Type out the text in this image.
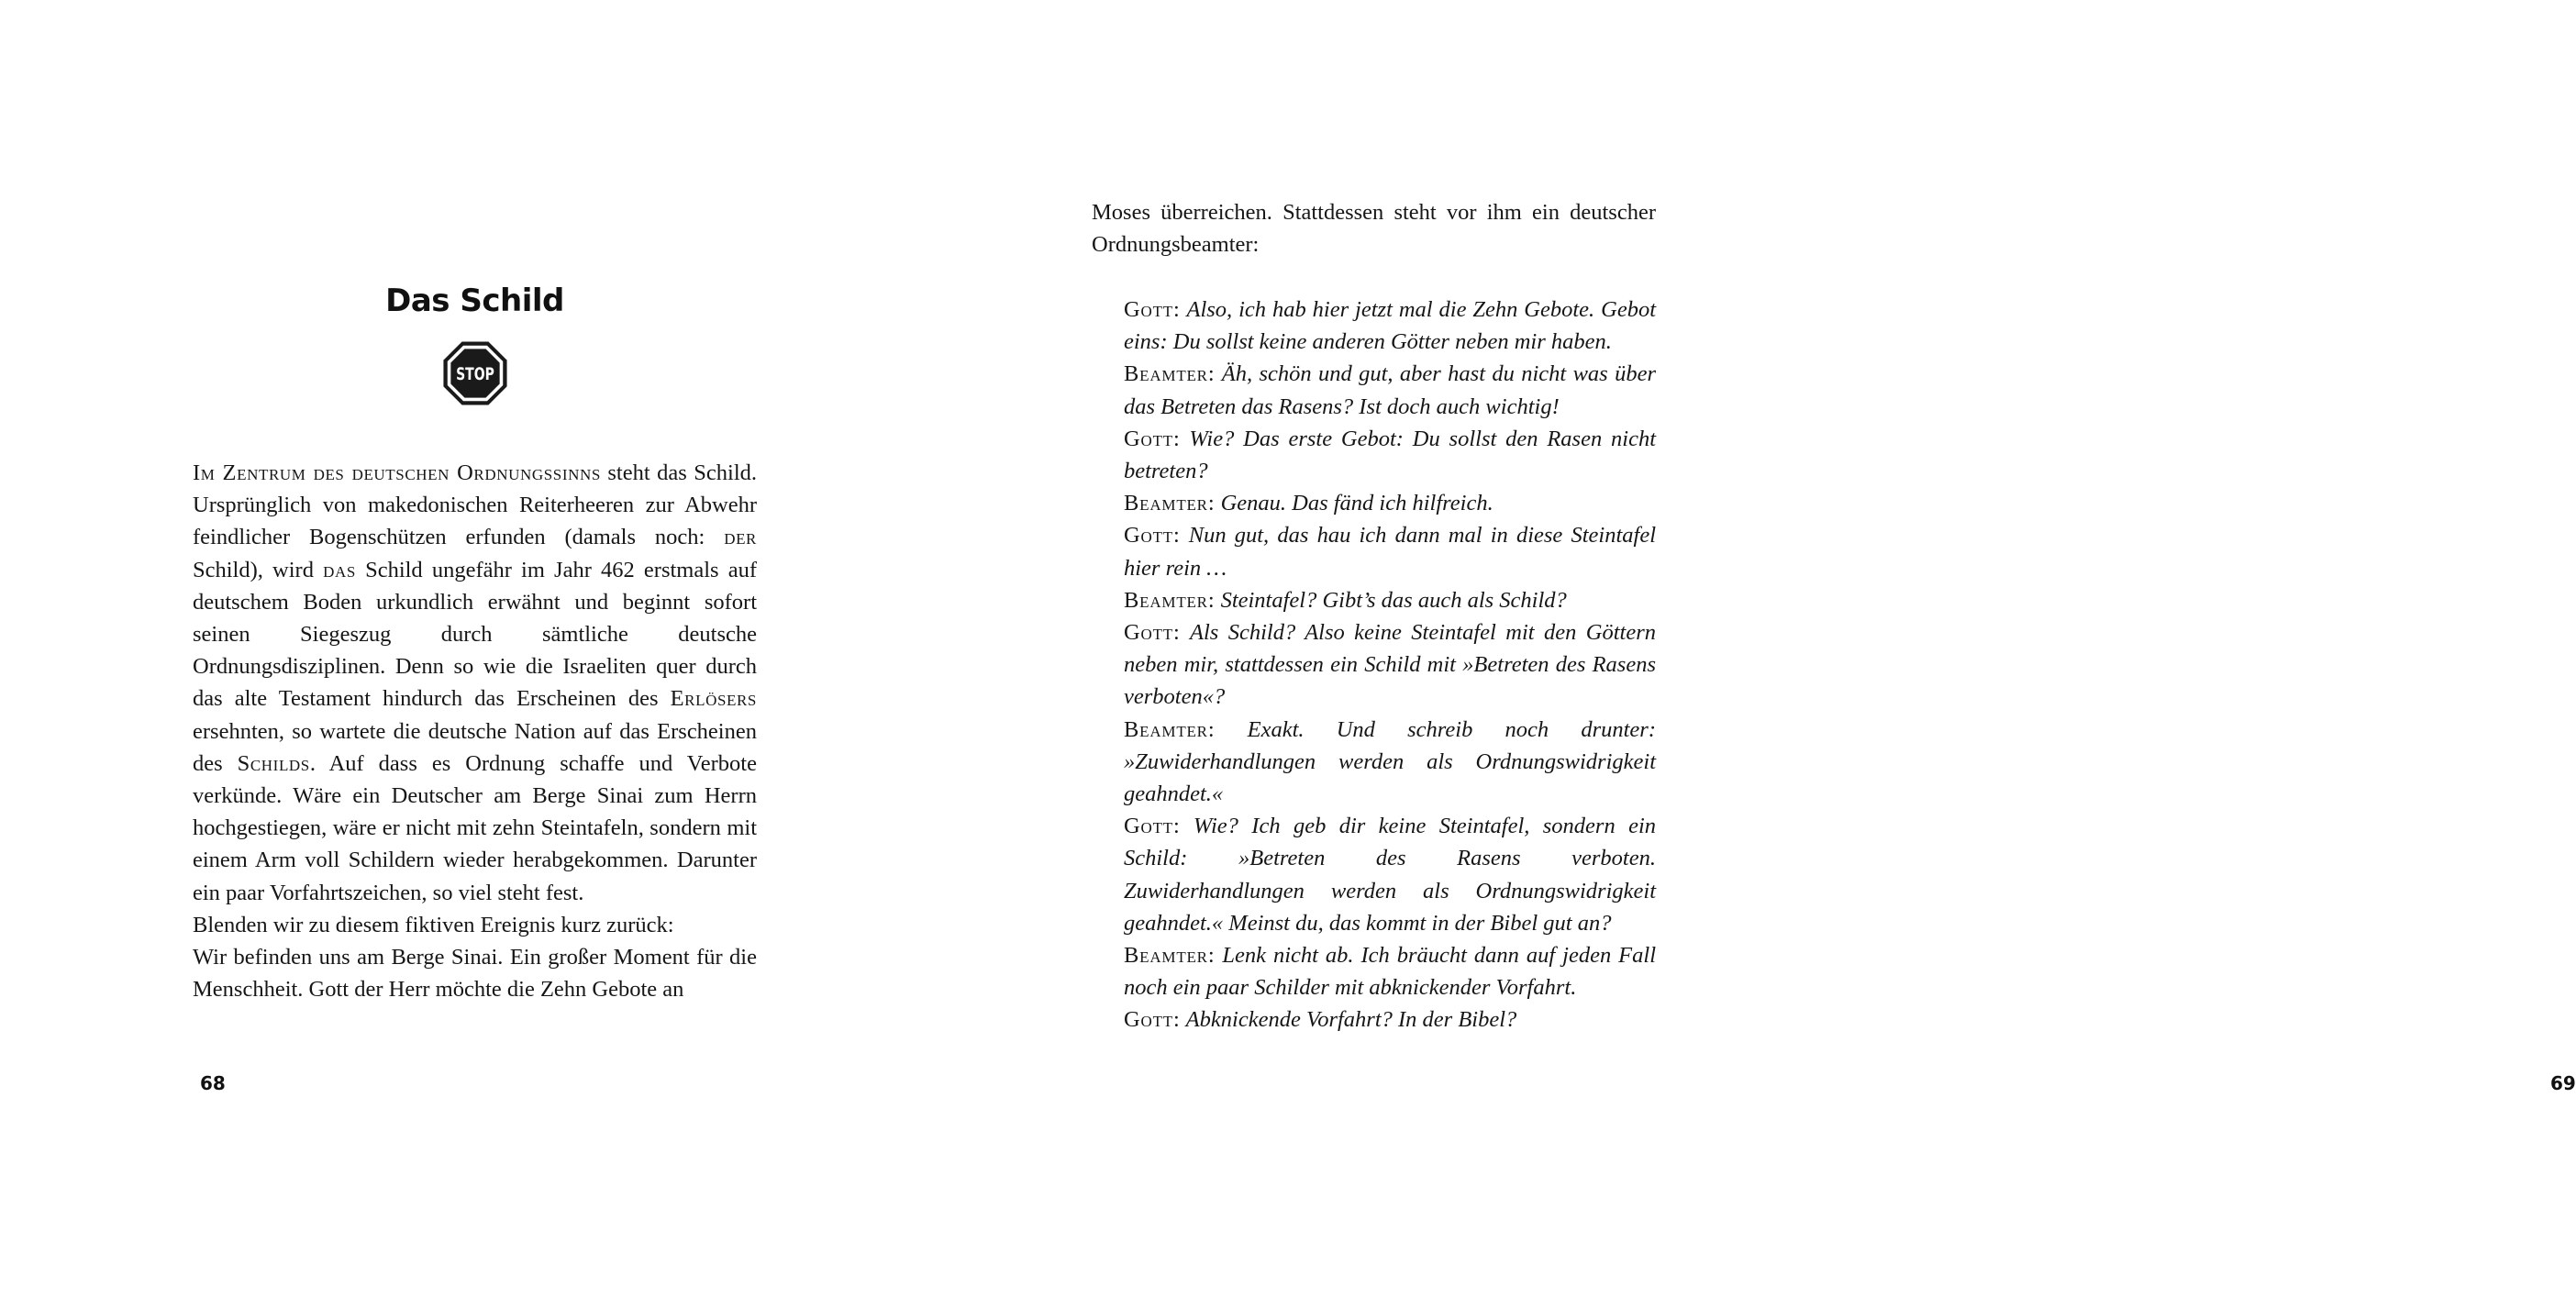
Das Schild
STOP

Im Zentrum des deutschen Ordnungssinns steht das Schild. Ursprünglich von makedonischen Reiterheeren zur Abwehr feindlicher Bogenschützen erfunden (damals noch: der Schild), wird das Schild ungefähr im Jahr 462 erstmals auf deutschem Boden urkundlich erwähnt und beginnt sofort seinen Siegeszug durch sämtliche deutsche Ordnungsdisziplinen. Denn so wie die Israeliten quer durch das alte Testament hindurch das Erscheinen des Erlösers ersehnten, so wartete die deutsche Nation auf das Erscheinen des Schilds. Auf dass es Ordnung schaffe und Verbote verkünde. Wäre ein Deutscher am Berge Sinai zum Herrn hochgestiegen, wäre er nicht mit zehn Steintafeln, sondern mit einem Arm voll Schildern wieder herabgekommen. Darunter ein paar Vorfahrtszeichen, so viel steht fest.

Blenden wir zu diesem fiktiven Ereignis kurz zurück:

Wir befinden uns am Berge Sinai. Ein großer Moment für die Menschheit. Gott der Herr möchte die Zehn Gebote an

68
Moses überreichen. Stattdessen steht vor ihm ein deutscher Ordnungsbeamter:

Gott: Also, ich hab hier jetzt mal die Zehn Gebote. Gebot eins: Du sollst keine anderen Götter neben mir haben.

Beamter: Äh, schön und gut, aber hast du nicht was über das Betreten das Rasens? Ist doch auch wichtig!

Gott: Wie? Das erste Gebot: Du sollst den Rasen nicht betreten?

Beamter: Genau. Das fänd ich hilfreich.

Gott: Nun gut, das hau ich dann mal in diese Steintafel hier rein …

Beamter: Steintafel? Gibt’s das auch als Schild?

Gott: Als Schild? Also keine Steintafel mit den Göttern neben mir, stattdessen ein Schild mit »Betreten des Rasens verboten«?

Beamter: Exakt. Und schreib noch drunter: »Zuwiderhandlungen werden als Ordnungswidrigkeit geahndet.«

Gott: Wie? Ich geb dir keine Steintafel, sondern ein Schild: »Betreten des Rasens verboten. Zuwiderhandlungen werden als Ordnungswidrigkeit geahndet.« Meinst du, das kommt in der Bibel gut an?

Beamter: Lenk nicht ab. Ich bräucht dann auf jeden Fall noch ein paar Schilder mit abknickender Vorfahrt.

Gott: Abknickende Vorfahrt? In der Bibel?

69
